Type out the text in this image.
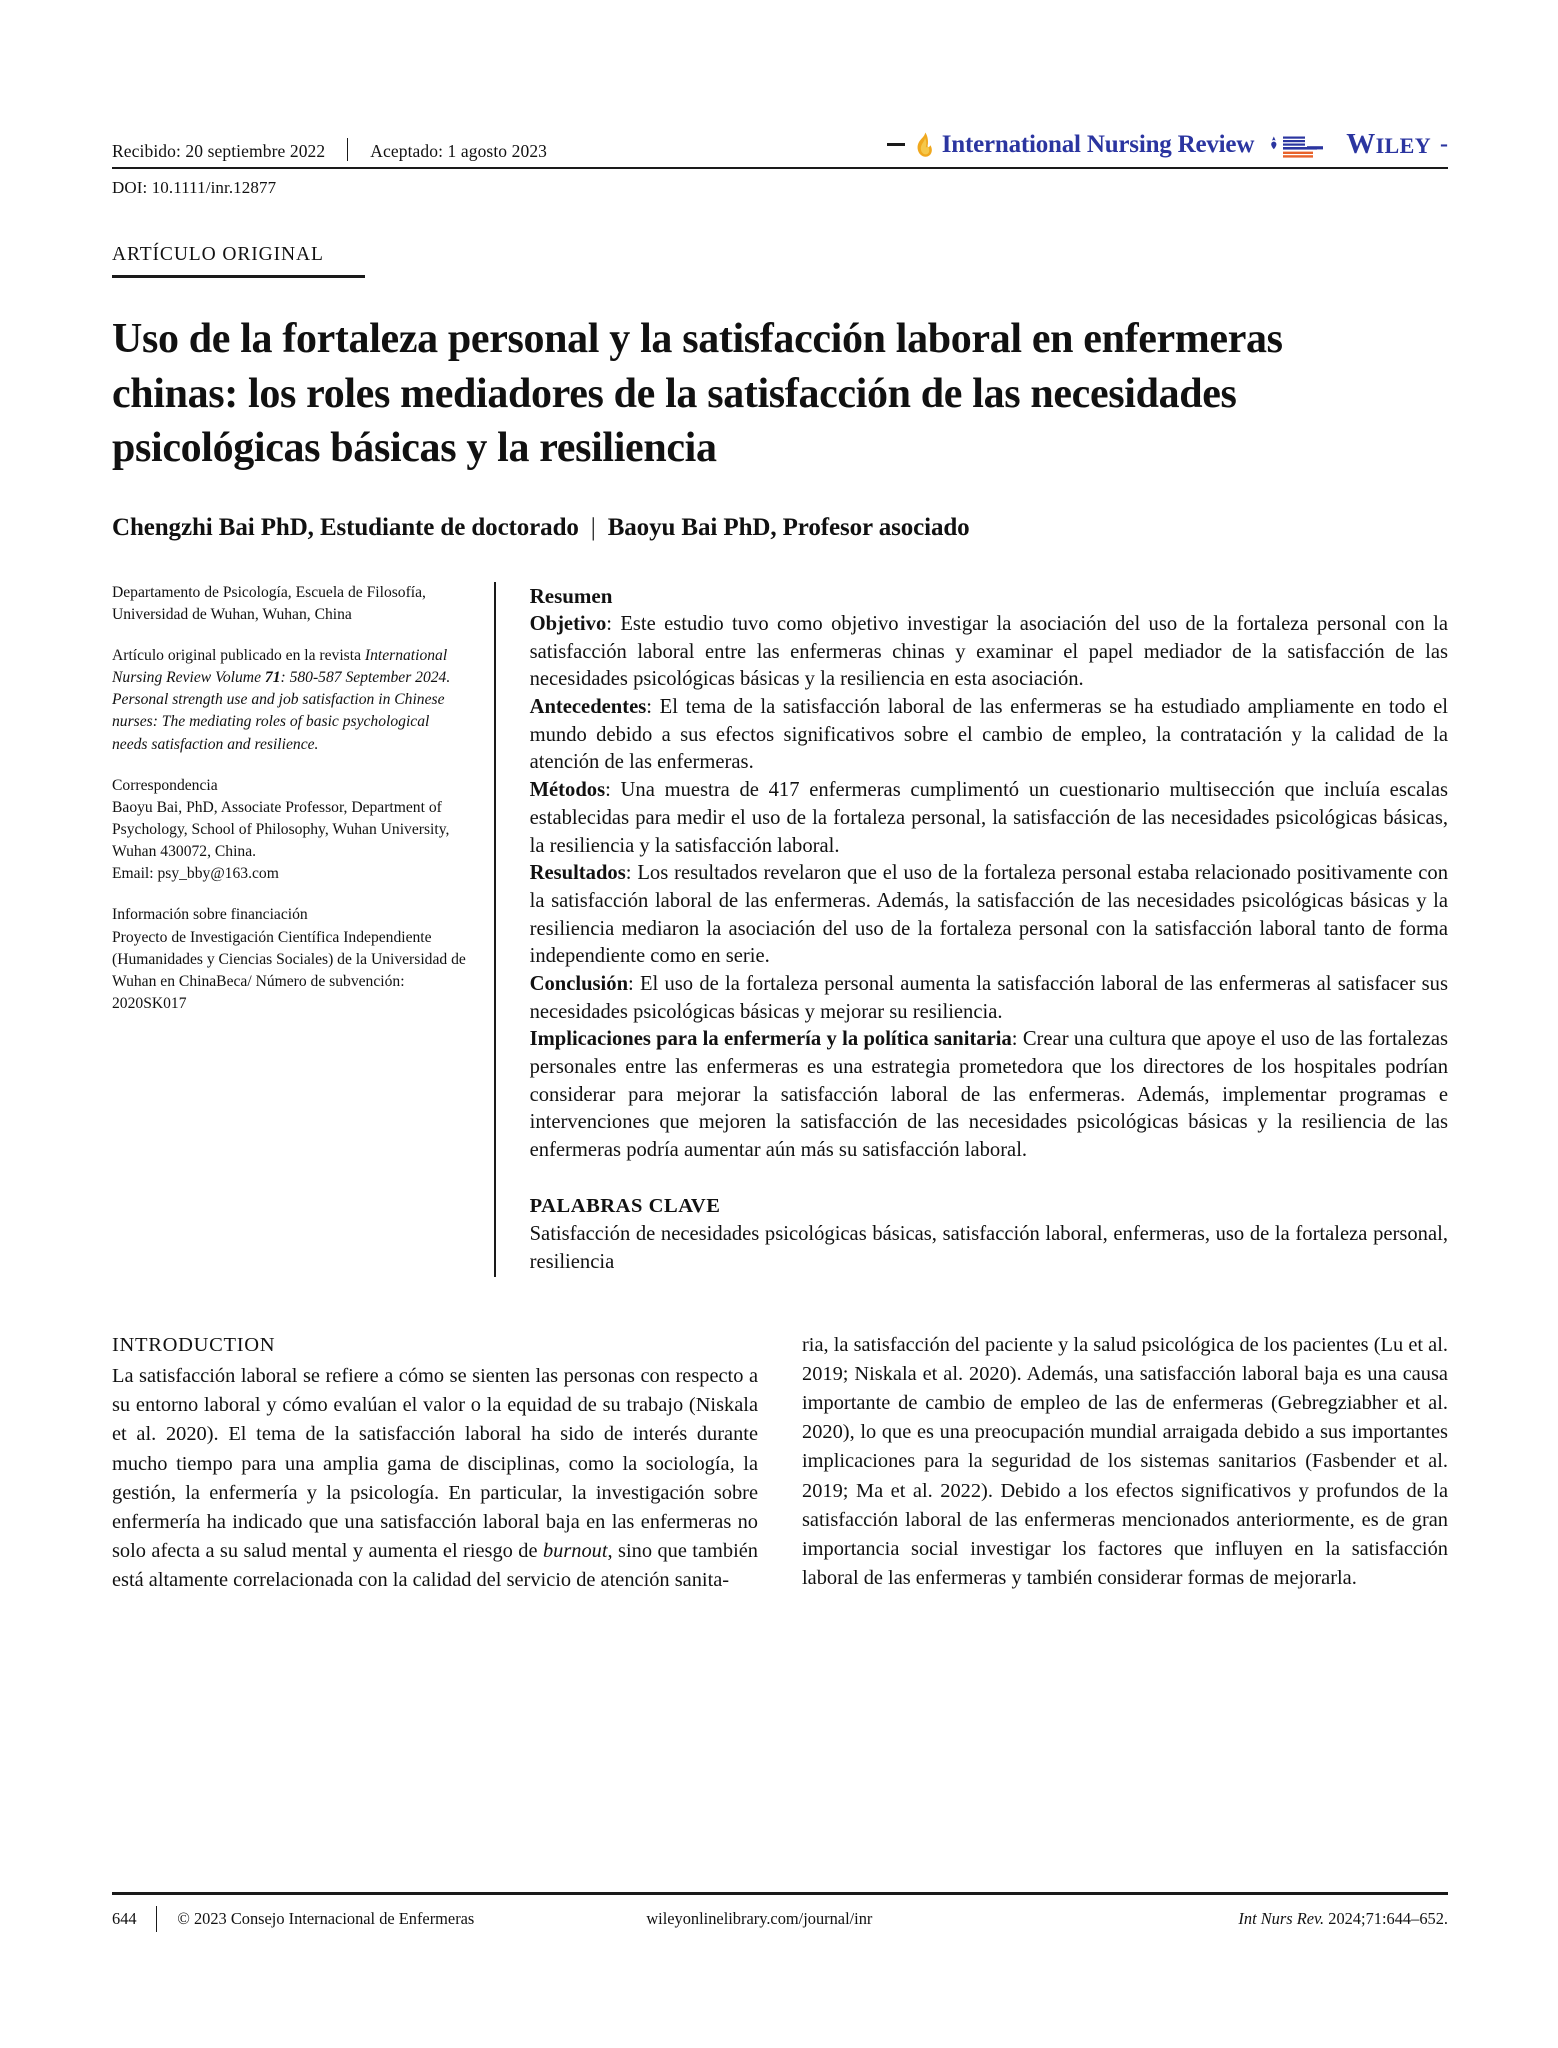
Recibido: 20 septiembre 2022	Aceptado: 1 agosto 2023	International Nursing Review	WILEY -
DOI: 10.1111/inr.12877
ARTÍCULO ORIGINAL
Uso de la fortaleza personal y la satisfacción laboral en enfermeras chinas: los roles mediadores de la satisfacción de las necesidades psicológicas básicas y la resiliencia
Chengzhi Bai PhD, Estudiante de doctorado | Baoyu Bai PhD, Profesor asociado
Departamento de Psicología, Escuela de Filosofía, Universidad de Wuhan, Wuhan, China
Artículo original publicado en la revista International Nursing Review Volume 71: 580-587 September 2024. Personal strength use and job satisfaction in Chinese nurses: The mediating roles of basic psychological needs satisfaction and resilience.
Correspondencia
Baoyu Bai, PhD, Associate Professor, Department of Psychology, School of Philosophy, Wuhan University, Wuhan 430072, China.
Email: psy_bby@163.com
Información sobre financiación
Proyecto de Investigación Científica Independiente (Humanidades y Ciencias Sociales) de la Universidad de Wuhan en ChinaBeca/ Número de subvención: 2020SK017
Resumen

Objetivo: Este estudio tuvo como objetivo investigar la asociación del uso de la fortaleza personal con la satisfacción laboral entre las enfermeras chinas y examinar el papel mediador de la satisfacción de las necesidades psicológicas básicas y la resiliencia en esta asociación.

Antecedentes: El tema de la satisfacción laboral de las enfermeras se ha estudiado ampliamente en todo el mundo debido a sus efectos significativos sobre el cambio de empleo, la contratación y la calidad de la atención de las enfermeras.

Métodos: Una muestra de 417 enfermeras cumplimentó un cuestionario multisección que incluía escalas establecidas para medir el uso de la fortaleza personal, la satisfacción de las necesidades psicológicas básicas, la resiliencia y la satisfacción laboral.

Resultados: Los resultados revelaron que el uso de la fortaleza personal estaba relacionado positivamente con la satisfacción laboral de las enfermeras. Además, la satisfacción de las necesidades psicológicas básicas y la resiliencia mediaron la asociación del uso de la fortaleza personal con la satisfacción laboral tanto de forma independiente como en serie.

Conclusión: El uso de la fortaleza personal aumenta la satisfacción laboral de las enfermeras al satisfacer sus necesidades psicológicas básicas y mejorar su resiliencia.

Implicaciones para la enfermería y la política sanitaria: Crear una cultura que apoye el uso de las fortalezas personales entre las enfermeras es una estrategia prometedora que los directores de los hospitales podrían considerar para mejorar la satisfacción laboral de las enfermeras. Además, implementar programas e intervenciones que mejoren la satisfacción de las necesidades psicológicas básicas y la resiliencia de las enfermeras podría aumentar aún más su satisfacción laboral.

PALABRAS CLAVE
Satisfacción de necesidades psicológicas básicas, satisfacción laboral, enfermeras, uso de la fortaleza personal, resiliencia
INTRODUCTION

La satisfacción laboral se refiere a cómo se sienten las personas con respecto a su entorno laboral y cómo evalúan el valor o la equidad de su trabajo (Niskala et al. 2020). El tema de la satisfacción laboral ha sido de interés durante mucho tiempo para una amplia gama de disciplinas, como la sociología, la gestión, la enfermería y la psicología. En particular, la investigación sobre enfermería ha indicado que una satisfacción laboral baja en las enfermeras no solo afecta a su salud mental y aumenta el riesgo de burnout, sino que también está altamente correlacionada con la calidad del servicio de atención sanita-

ria, la satisfacción del paciente y la salud psicológica de los pacientes (Lu et al. 2019; Niskala et al. 2020). Además, una satisfacción laboral baja es una causa importante de cambio de empleo de las de enfermeras (Gebregziabher et al. 2020), lo que es una preocupación mundial arraigada debido a sus importantes implicaciones para la seguridad de los sistemas sanitarios (Fasbender et al. 2019; Ma et al. 2022). Debido a los efectos significativos y profundos de la satisfacción laboral de las enfermeras mencionados anteriormente, es de gran importancia social investigar los factores que influyen en la satisfacción laboral de las enfermeras y también considerar formas de mejorarla.

644	© 2023 Consejo Internacional de Enfermeras	wileyonlinelibrary.com/journal/inr	Int Nurs Rev. 2024;71:644–652.
